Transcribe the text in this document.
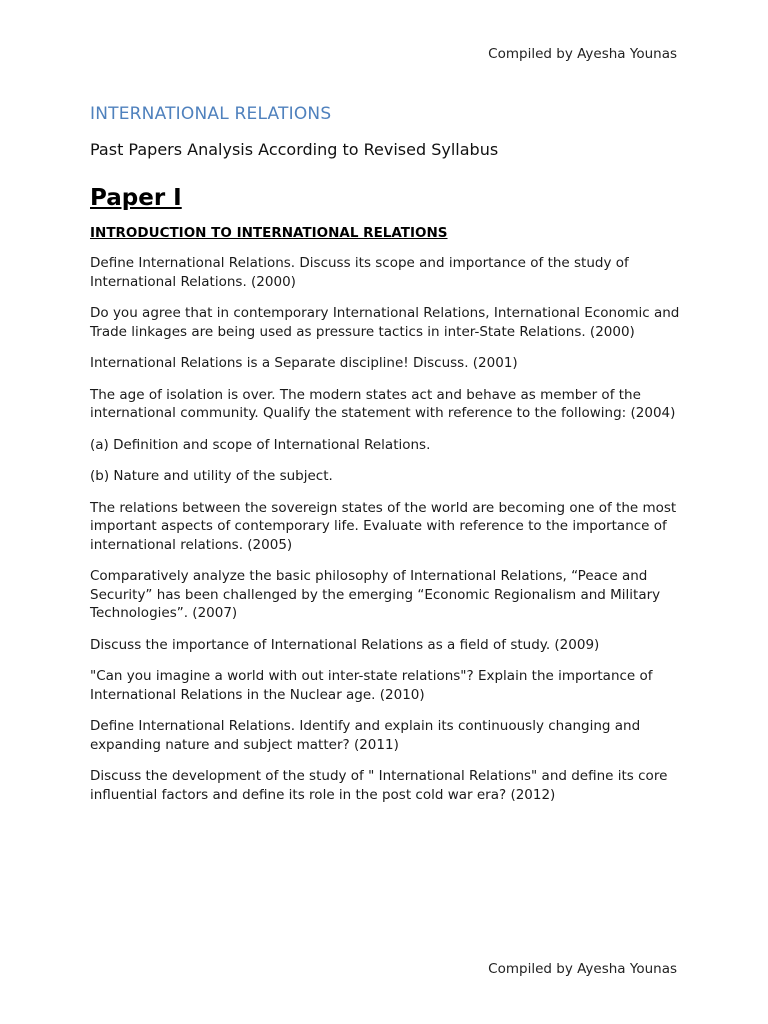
Compiled by Ayesha Younas
INTERNATIONAL RELATIONS
Past Papers Analysis According to Revised Syllabus
Paper I
INTRODUCTION TO INTERNATIONAL RELATIONS

Define International Relations. Discuss its scope and importance of the study of International Relations. (2000)

Do you agree that in contemporary International Relations, International Economic and Trade linkages are being used as pressure tactics in inter-State Relations. (2000)

International Relations is a Separate discipline! Discuss. (2001)

The age of isolation is over. The modern states act and behave as member of the international community. Qualify the statement with reference to the following: (2004)

(a) Definition and scope of International Relations.

(b) Nature and utility of the subject.

The relations between the sovereign states of the world are becoming one of the most important aspects of contemporary life. Evaluate with reference to the importance of international relations. (2005)

Comparatively analyze the basic philosophy of International Relations, “Peace and Security” has been challenged by the emerging “Economic Regionalism and Military Technologies”. (2007)

Discuss the importance of International Relations as a field of study. (2009)

"Can you imagine a world with out inter-state relations"? Explain the importance of International Relations in the Nuclear age. (2010)

Define International Relations. Identify and explain its continuously changing and expanding nature and subject matter? (2011)

Discuss the development of the study of " International Relations" and define its core influential factors and define its role in the post cold war era? (2012)

Compiled by Ayesha Younas
